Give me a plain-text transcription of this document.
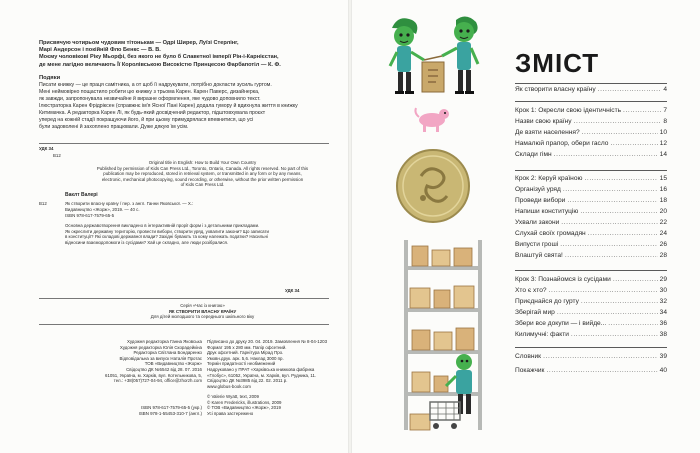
Присвячую чотирьом чудовим тітонькам — Одрі Ширер, Луїзі Стерлінг,

Марі Андерсон і покійній Фло Бенкс — В. В.

Моєму чоловікові Ріку Мьорфі, без якого не було б Славетної імперії Рін-і-Карнієстан,

де мене лагідно величають Її Королівською Високістю Принцесою Фарбапотіл — К. Ф.

Подяки

Писати книжку — це праця самітника, а от щоб її надрукувати, потрібно докласти зусиль гуртом.

Мені неймовірно пощастило робити цю книжку з трьома Карен. Карен Паверс, дизайнерка,

як завжди, запропонувала незвичайне й виразне оформлення, яке чудово доповнило текст.

Ілюстраторка Карен Фрідріксен (справжнє ім'я Ясної Пані Карен) додала гумору й вдихнула життя в книжку

Китимачка. А редакторка Карен Лі, як будь-який досвідчений редактор, підштовхувала проєкт

уперед на кожній стадії покращуючи його, й при цьому примудрялася впевнитися, що усі

були задоволені й захоплено працювали. Дуже дякую їм усім.

УДК 34

В12

Original title in English: How to Build Your Own Country
Published by permission of Kids Can Press Ltd., Toronto, Ontario, Canada. All rights reserved. No part of this
publication may be reproduced, stored in retrieval system, or transmitted in any form or by any means,
electronic, mechanical photocopying, sound recording, or otherwise, without the prior written permission
of Kids Can Press Ltd.

Ваклт Валері

В12	Як створити власну країну / пер. з англ. Ганни Яковської. — Х.:

Видавництво «Жорж», 2019. — 40 с.

ISBN 978-617-7579-65-5

Основна державотворення викладено в інтерактивній прорії форм і з детальними прикладами.
Як окреслити державну територію, провести вибори, створити уряд, ухвалити закони? Що записати
в конституції? Які складові державної влади? Західні бувають та кому належать податки? Насильні
відносини взаємодопомоги із сусідами? Хай це складно, але люди розібралися.

УДК 34

Серія «Час із книгою»
ЯК СТВОРИТИ ВЛАСНУ КРАЇНУ
Для дітей молодшого та середнього шкільного віку
Художня редакторка Ганна Яковська
Художня редакторка Юлія Скорадейкіна
Редакторка Світлана Бондаренко
Відповідальна за випуск Наталія Протас
ТОВ «Видавництво «Жорж»
Свідоцтво ДК №5542 від 28. 07. 2016
61051, Україна, м. Харків, вул. Котельникова, 5,
тел.: +38(057)727-04-94, office@zhorzh.com
Підписано до друку 20. 04. 2019. Замовлення № 8-04-1203
Формат 195 х 280 мм. Папір офсетний.
Друк офсетний. Гарнітура Мірад Про.
Умовн.друк. арк. 5,6. Наклад 3000 пр.
Термін придатності необмежений
Надруковано у ПРАТ «Харківська книжкова фабрика
«Глобус», 61052, Україна, м. Харків, вул. Рудника, 11.
Свідоцтво ДК №3985 від 22. 02. 2011 р.
www.globus-book.com
ISBN 978-617-7579-65-5 (укр.)
ISBN 978-1-55453-310-7 (англ.)
© Valerie Wyatt, text, 2009
© Karen Fredericks, illustrations, 2009
© ТОВ «Видавництво «Жорж», 2019
Усі права застережено
ЗМІСТ
Як створити власну країну .....	4
Крок 1: Окресли свою ідентичність .....	7
Назви свою країну .....	8
Де взяти населення? .....	10
Намалюй прапор, обери гасло .....	12
Склади гімн .....	14
Крок 2: Керуй країною .....	15
Організуй уряд .....	16
Проведи вибори .....	18
Напиши конституцію .....	20
Ухвали закони .....	22
Слухай своїх громадян .....	24
Випусти гроші .....	26
Влаштуй свята! .....	28
Крок 3: Познайомся із сусідами .....	29
Хто є хто? .....	30
Приєднайся до гурту .....	32
Зберігай мир .....	34
Збери все докупи — і вийде... .....	36
Килимучні: факти .....	38
Словник .....	39
Покажчик .....	40
